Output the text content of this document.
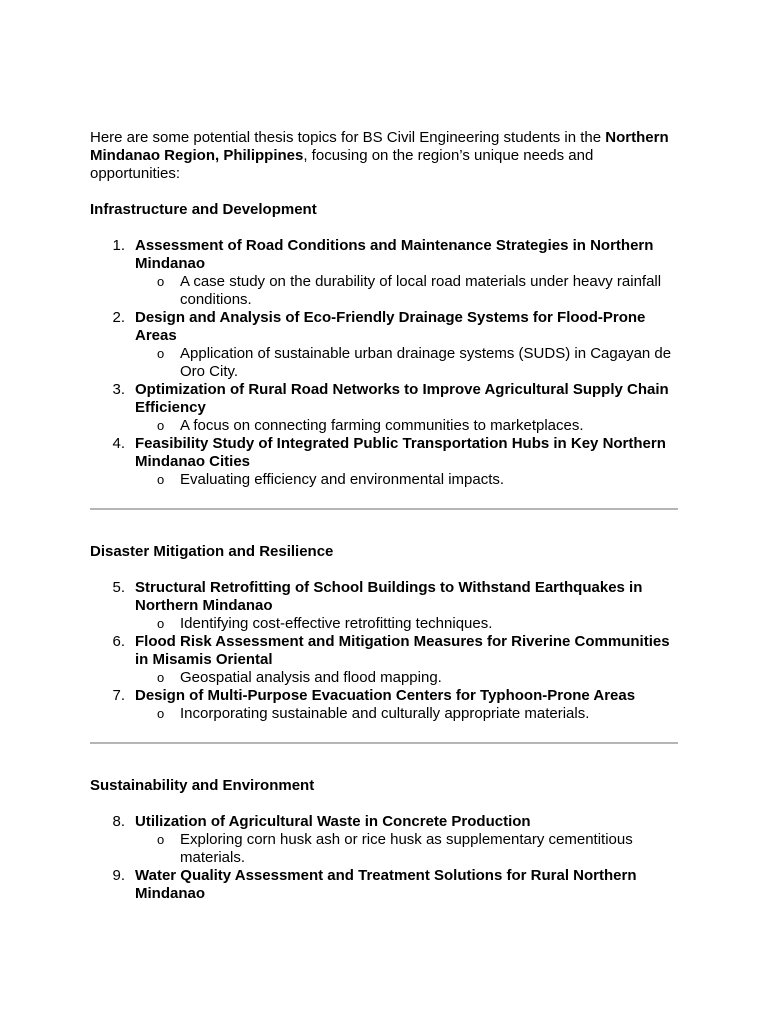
Here are some potential thesis topics for BS Civil Engineering students in the Northern Mindanao Region, Philippines, focusing on the region’s unique needs and opportunities:

Infrastructure and Development

1. Assessment of Road Conditions and Maintenance Strategies in Northern Mindanao
o A case study on the durability of local road materials under heavy rainfall conditions.
2. Design and Analysis of Eco-Friendly Drainage Systems for Flood-Prone Areas
o Application of sustainable urban drainage systems (SUDS) in Cagayan de Oro City.
3. Optimization of Rural Road Networks to Improve Agricultural Supply Chain Efficiency
o A focus on connecting farming communities to marketplaces.
4. Feasibility Study of Integrated Public Transportation Hubs in Key Northern Mindanao Cities
o Evaluating efficiency and environmental impacts.

Disaster Mitigation and Resilience

5. Structural Retrofitting of School Buildings to Withstand Earthquakes in Northern Mindanao
o Identifying cost-effective retrofitting techniques.
6. Flood Risk Assessment and Mitigation Measures for Riverine Communities in Misamis Oriental
o Geospatial analysis and flood mapping.
7. Design of Multi-Purpose Evacuation Centers for Typhoon-Prone Areas
o Incorporating sustainable and culturally appropriate materials.

Sustainability and Environment

8. Utilization of Agricultural Waste in Concrete Production
o Exploring corn husk ash or rice husk as supplementary cementitious materials.
9. Water Quality Assessment and Treatment Solutions for Rural Northern Mindanao
